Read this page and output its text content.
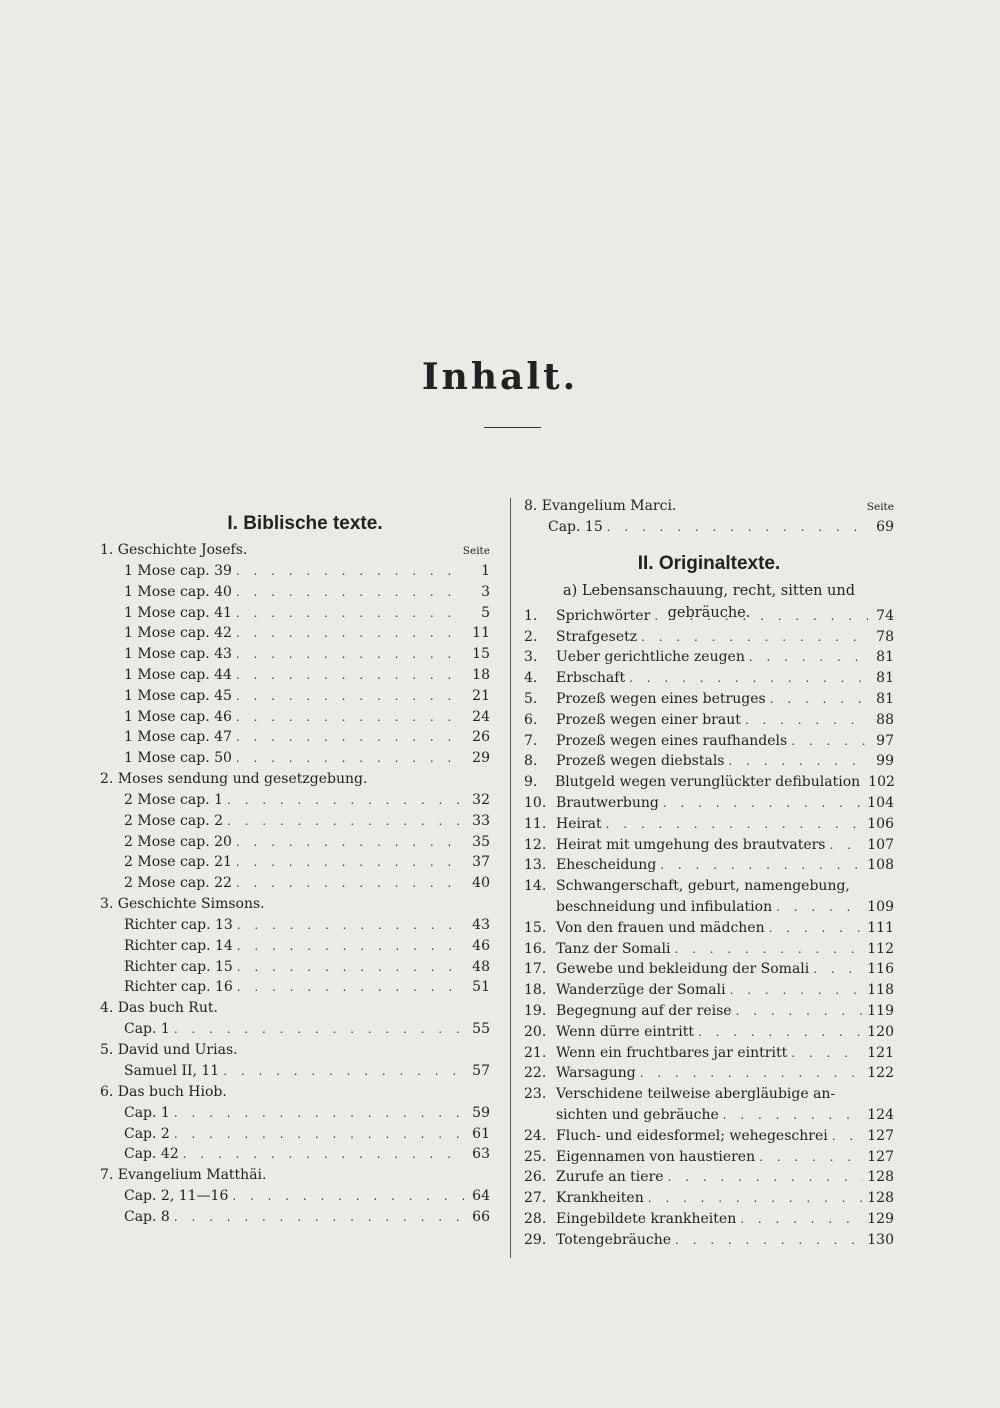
Inhalt.
I. Biblische texte.
1. Geschichte Josefs.	Seite
1 Mose cap. 39 . . .	1
1 Mose cap. 40 . . .	3
1 Mose cap. 41 . . .	5
1 Mose cap. 42 . . .	11
1 Mose cap. 43 . . .	15
1 Mose cap. 44 . . .	18
1 Mose cap. 45 . . .	21
1 Mose cap. 46 . . .	24
1 Mose cap. 47 . . .	26
1 Mose cap. 50 . . .	29
2. Moses sendung und gesetzgebung.
2 Mose cap. 1 . . .	32
2 Mose cap. 2 . . .	33
2 Mose cap. 20 . . .	35
2 Mose cap. 21 . . .	37
2 Mose cap. 22 . . .	40
3. Geschichte Simsons.
Richter cap. 13 . . .	43
Richter cap. 14 . . .	46
Richter cap. 15 . . .	48
Richter cap. 16 . . .	51
4. Das buch Rut.
Cap. 1 . . .	55
5. David und Urias.
Samuel II, 11 . . .	57
6. Das buch Hiob.
Cap. 1 . . .	59
Cap. 2 . . .	61
Cap. 42 . . .	63
7. Evangelium Matthäi.
Cap. 2, 11—16 . . .	64
Cap. 8 . . .	66
8. Evangelium Marci.	Seite
Cap. 15 . . .	69
II. Originaltexte.
a) Lebensanschauung, recht, sitten und gebräuche.
1.	Sprichwörter . . .	74
2.	Strafgesetz . . .	78
3.	Ueber gerichtliche zeugen . . .	81
4.	Erbschaft . . .	81
5.	Prozeß wegen eines betruges . . .	81
6.	Prozeß wegen einer braut . . .	88
7.	Prozeß wegen eines raufhandels . . .	97
8.	Prozeß wegen diebstals . . .	99
9.	Blutgeld wegen verunglückter defibulation 102
10. Brautwerbung . . .	104
11. Heirat . . .	106
12. Heirat mit umgehung des brautvaters . . .	107
13. Ehescheidung . . .	108
14. Schwangerschaft, geburt, namengebung,
beschneidung und infibulation . . .	109
15. Von den frauen und mädchen . . .	111
16. Tanz der Somali . . .	112
17. Gewebe und bekleidung der Somali . . .	116
18. Wanderzüge der Somali . . .	118
19. Begegnung auf der reise . . .	119
20. Wenn dürre eintritt . . .	120
21. Wenn ein fruchtbares jar eintritt . . .	121
22. Warsagung . . .	122
23. Verschidene teilweise abergläubige an-
sichten und gebräuche . . .	124
24. Fluch- und eidesformel; wehegeschrei . . .	127
25. Eigennamen von haustieren . . .	127
26. Zurufe an tiere . . .	128
27. Krankheiten . . .	128
28. Eingebildete krankheiten . . .	129
29. Totengebräuche . . .	130
